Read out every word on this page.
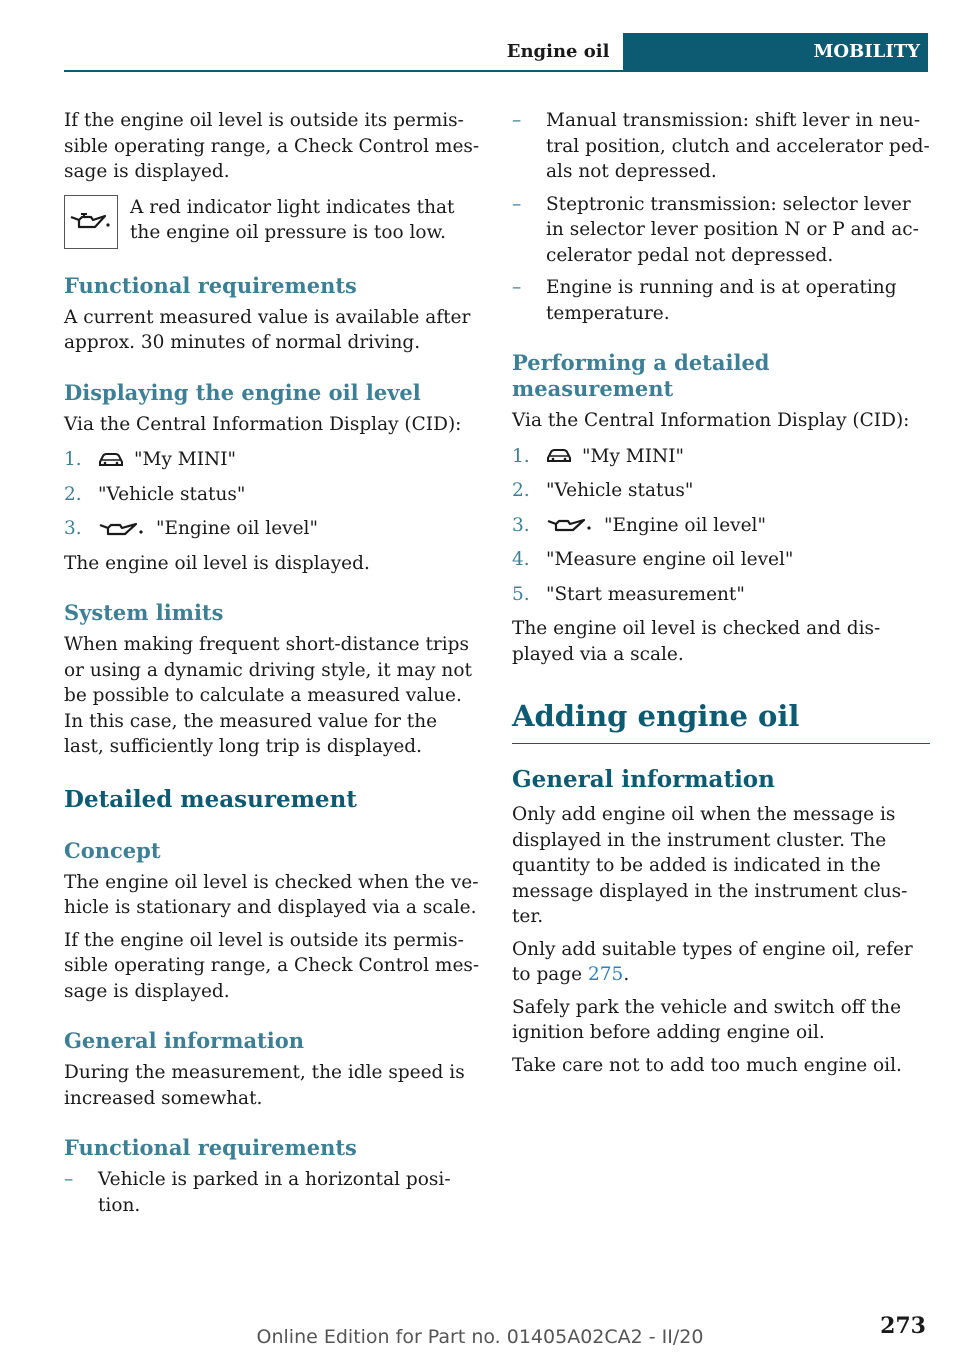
Engine oil	MOBILITY

If the engine oil level is outside its permis-sible operating range, a Check Control mes-sage is displayed.

A red indicator light indicates that the engine oil pressure is too low.
Functional requirements

A current measured value is available after approx. 30 minutes of normal driving.

Displaying the engine oil level

Via the Central Information Display (CID):

1.	"My MINI"
2. "Vehicle status"
3.	"Engine oil level"

The engine oil level is displayed.

System limits

When making frequent short-distance trips or using a dynamic driving style, it may not be possible to calculate a measured value. In this case, the measured value for the last, sufficiently long trip is displayed.

Detailed measurement
Concept

The engine oil level is checked when the ve-hicle is stationary and displayed via a scale.

If the engine oil level is outside its permis-sible operating range, a Check Control mes-sage is displayed.

General information

During the measurement, the idle speed is increased somewhat.

Functional requirements
–	Vehicle is parked in a horizontal posi-tion.
–	Manual transmission: shift lever in neu-tral position, clutch and accelerator ped-als not depressed.
–	Steptronic transmission: selector lever in selector lever position N or P and ac-celerator pedal not depressed.
–	Engine is running and is at operating temperature.
Performing a detailed measurement

Via the Central Information Display (CID):

1.	"My MINI"
2. "Vehicle status"
3.	"Engine oil level"
4. "Measure engine oil level"
5. "Start measurement"

The engine oil level is checked and dis-played via a scale.

Adding engine oil
General information

Only add engine oil when the message is displayed in the instrument cluster. The quantity to be added is indicated in the message displayed in the instrument clus-ter.

Only add suitable types of engine oil, refer to page 275.

Safely park the vehicle and switch off the ignition before adding engine oil.

Take care not to add too much engine oil.

273
Online Edition for Part no. 01405A02CA2 - II/20
